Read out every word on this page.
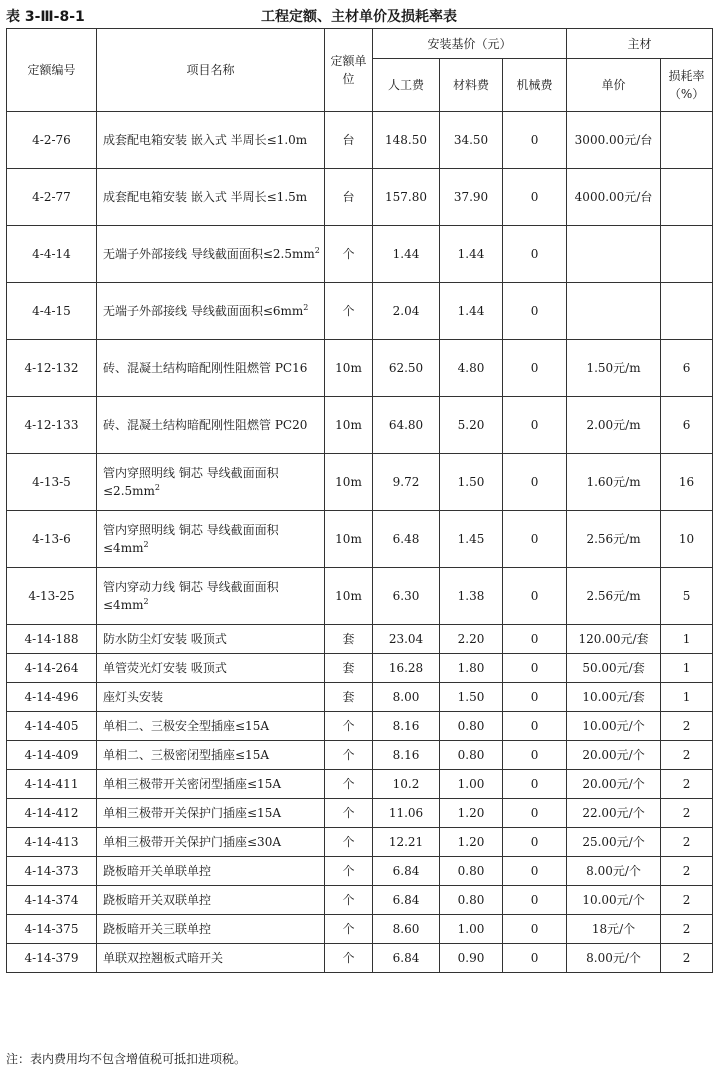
表 3-Ⅲ-8-1	工程定额、主材单价及损耗率表
定额编号	项目名称	定额单位	安装基价（元）			主材	
			人工费	材料费	机械费	单价	损耗率（%）
4-2-76	成套配电箱安装 嵌入式 半周长≤1.0m	台	148.50	34.50	0	3000.00元/台	
4-2-77	成套配电箱安装 嵌入式 半周长≤1.5m	台	157.80	37.90	0	4000.00元/台	
4-4-14	无端子外部接线 导线截面面积$\le 2.5mm^2$	个	1.44	1.44	0		
4-4-15	无端子外部接线 导线截面面积$\le 6mm^2$	个	2.04	1.44	0		
4-12-132	砖、混凝土结构暗配刚性阻燃管 PC16	10m	62.50	4.80	0	1.50元/m	6
4-12-133	砖、混凝土结构暗配刚性阻燃管 PC20	10m	64.80	5.20	0	2.00元/m	6
4-13-5	管内穿照明线 铜芯 导线截面面积$\le 2.5mm^2$	10m	9.72	1.50	0	1.60元/m	16
4-13-6	管内穿照明线 铜芯 导线截面面积$\le 4mm^2$	10m	6.48	1.45	0	2.56元/m	10
4-13-25	管内穿动力线 铜芯 导线截面面积$\le 4mm^2$	10m	6.30	1.38	0	2.56元/m	5
4-14-188	防水防尘灯安装 吸顶式	套	23.04	2.20	0	120.00元/套	1
4-14-264	单管荧光灯安装 吸顶式	套	16.28	1.80	0	50.00元/套	1
4-14-496	座灯头安装	套	8.00	1.50	0	10.00元/套	1
4-14-405	单相二、三极安全型插座≤15A	个	8.16	0.80	0	10.00元/个	2
4-14-409	单相二、三极密闭型插座≤15A	个	8.16	0.80	0	20.00元/个	2
4-14-411	单相三极带开关密闭型插座≤15A	个	10.2	1.00	0	20.00元/个	2
4-14-412	单相三极带开关保护门插座≤15A	个	11.06	1.20	0	22.00元/个	2
4-14-413	单相三极带开关保护门插座≤30A	个	12.21	1.20	0	25.00元/个	2
4-14-373	跷板暗开关单联单控	个	6.84	0.80	0	8.00元/个	2
4-14-374	跷板暗开关双联单控	个	6.84	0.80	0	10.00元/个	2
4-14-375	跷板暗开关三联单控	个	8.60	1.00	0	18元/个	2
4-14-379	单联双控翘板式暗开关	个	6.84	0.90	0	8.00元/个	2
注：表内费用均不包含增值税可抵扣进项税。
